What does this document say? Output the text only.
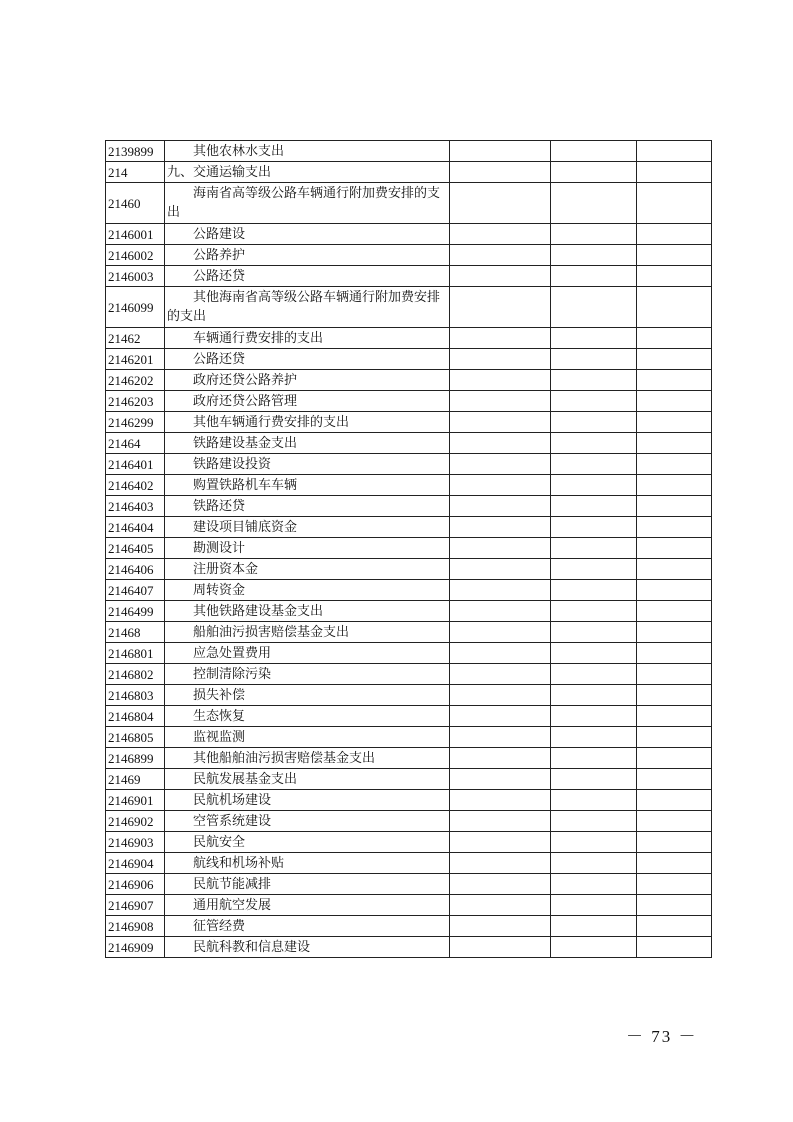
2139899	其他农林水支出			
214	九、交通运输支出			
21460	海南省高等级公路车辆通行附加费安排的支出			
2146001	公路建设			
2146002	公路养护			
2146003	公路还贷			
2146099	其他海南省高等级公路车辆通行附加费安排的支出			
21462	车辆通行费安排的支出			
2146201	公路还贷			
2146202	政府还贷公路养护			
2146203	政府还贷公路管理			
2146299	其他车辆通行费安排的支出			
21464	铁路建设基金支出			
2146401	铁路建设投资			
2146402	购置铁路机车车辆			
2146403	铁路还贷			
2146404	建设项目铺底资金			
2146405	勘测设计			
2146406	注册资本金			
2146407	周转资金			
2146499	其他铁路建设基金支出			
21468	船舶油污损害赔偿基金支出			
2146801	应急处置费用			
2146802	控制清除污染			
2146803	损失补偿			
2146804	生态恢复			
2146805	监视监测			
2146899	其他船舶油污损害赔偿基金支出			
21469	民航发展基金支出			
2146901	民航机场建设			
2146902	空管系统建设			
2146903	民航安全			
2146904	航线和机场补贴			
2146906	民航节能减排			
2146907	通用航空发展			
2146908	征管经费			
2146909	民航科教和信息建设			
－ 73 －
